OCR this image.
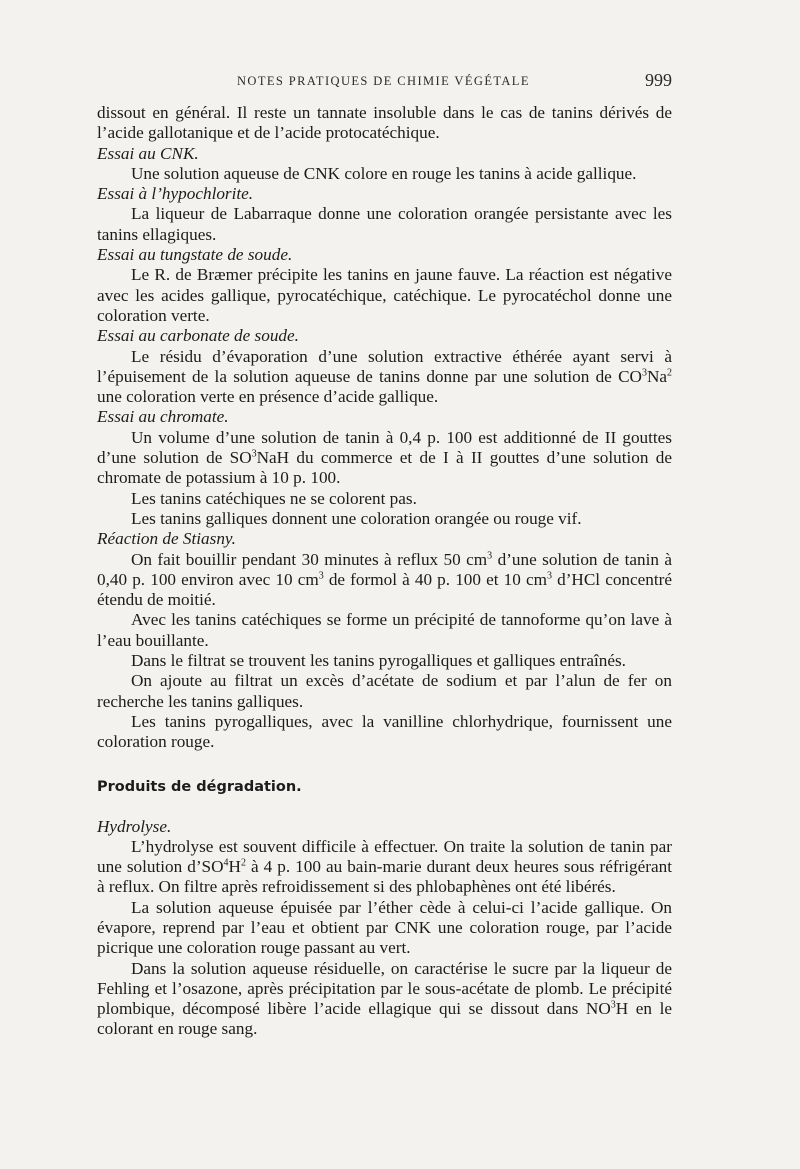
NOTES PRATIQUES DE CHIMIE VÉGÉTALE	999

dissout en général. Il reste un tannate insoluble dans le cas de tanins dérivés de l’acide gallotanique et de l’acide protocatéchique.

Essai au CNK.

Une solution aqueuse de CNK colore en rouge les tanins à acide gallique.

Essai à l’hypochlorite.

La liqueur de Labarraque donne une coloration orangée persistante avec les tanins ellagiques.

Essai au tungstate de soude.

Le R. de Bræmer précipite les tanins en jaune fauve. La réaction est négative avec les acides gallique, pyrocatéchique, catéchique. Le pyrocatéchol donne une coloration verte.

Essai au carbonate de soude.

Le résidu d’évaporation d’une solution extractive éthérée ayant servi à l’épuisement de la solution aqueuse de tanins donne par une solution de $CO^3Na^2$ une coloration verte en présence d’acide gallique.

Essai au chromate.

Un volume d’une solution de tanin à 0,4 p. 100 est additionné de II gouttes d’une solution de $SO^3NaH$ du commerce et de I à II gouttes d’une solution de chromate de potassium à 10 p. 100.

Les tanins catéchiques ne se colorent pas.

Les tanins galliques donnent une coloration orangée ou rouge vif.

Réaction de Stiasny.

On fait bouillir pendant 30 minutes à reflux 50 $cm^3$ d’une solution de tanin à 0,40 p. 100 environ avec 10 $cm^3$ de formol à 40 p. 100 et 10 $cm^3$ d’HCl concentré étendu de moitié.

Avec les tanins catéchiques se forme un précipité de tannoforme qu’on lave à l’eau bouillante.

Dans le filtrat se trouvent les tanins pyrogalliques et galliques entraînés.

On ajoute au filtrat un excès d’acétate de sodium et par l’alun de fer on recherche les tanins galliques.

Les tanins pyrogalliques, avec la vanilline chlorhydrique, fournissent une coloration rouge.

Produits de dégradation.

Hydrolyse.

L’hydrolyse est souvent difficile à effectuer. On traite la solution de tanin par une solution $d’SO^4H^2$ à 4 p. 100 au bain-marie durant deux heures sous réfrigérant à reflux. On filtre après refroidissement si des phlobaphènes ont été libérés.

La solution aqueuse épuisée par l’éther cède à celui-ci l’acide gallique. On évapore, reprend par l’eau et obtient par CNK une coloration rouge, par l’acide picrique une coloration rouge passant au vert.

Dans la solution aqueuse résiduelle, on caractérise le sucre par la liqueur de Fehling et l’osazone, après précipitation par le sous-acétate de plomb. Le précipité plombique, décomposé libère l’acide ellagique qui se dissout dans $NO^3H$ en le colorant en rouge sang.
